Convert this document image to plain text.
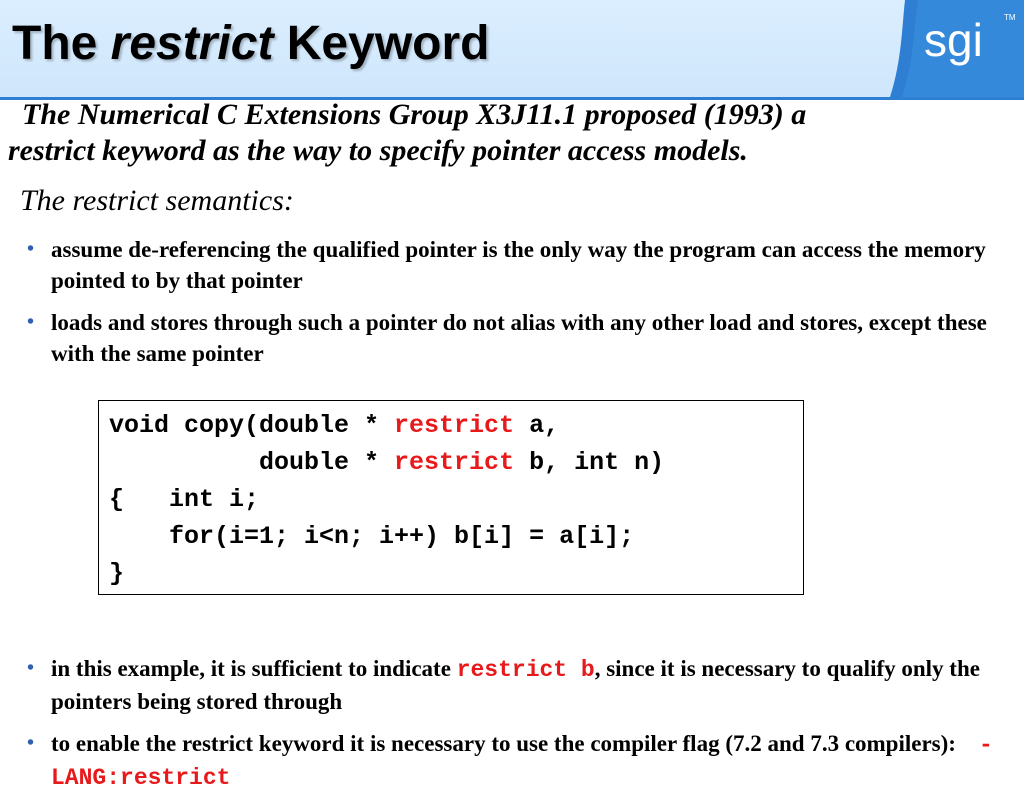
The restrict Keyword	sgi	TM

The Numerical C Extensions Group X3J11.1 proposed (1993) a
restrict keyword as the way to specify pointer access models.

The restrict semantics:

• assume de-referencing the qualified pointer is the only way the program can access the memory pointed to by that pointer
• loads and stores through such a pointer do not alias with any other load and stores, except these with the same pointer
void copy(double * restrict a,
double * restrict b, int n)
{   int i;
for(i=1; i<n; i++) b[i] = a[i];
}
• in this example, it is sufficient to indicate restrict b, since it is necessary to qualify only the pointers being stored through
• to enable the restrict keyword it is necessary to use the compiler flag (7.2 and 7.3 compilers):    -LANG:restrict
